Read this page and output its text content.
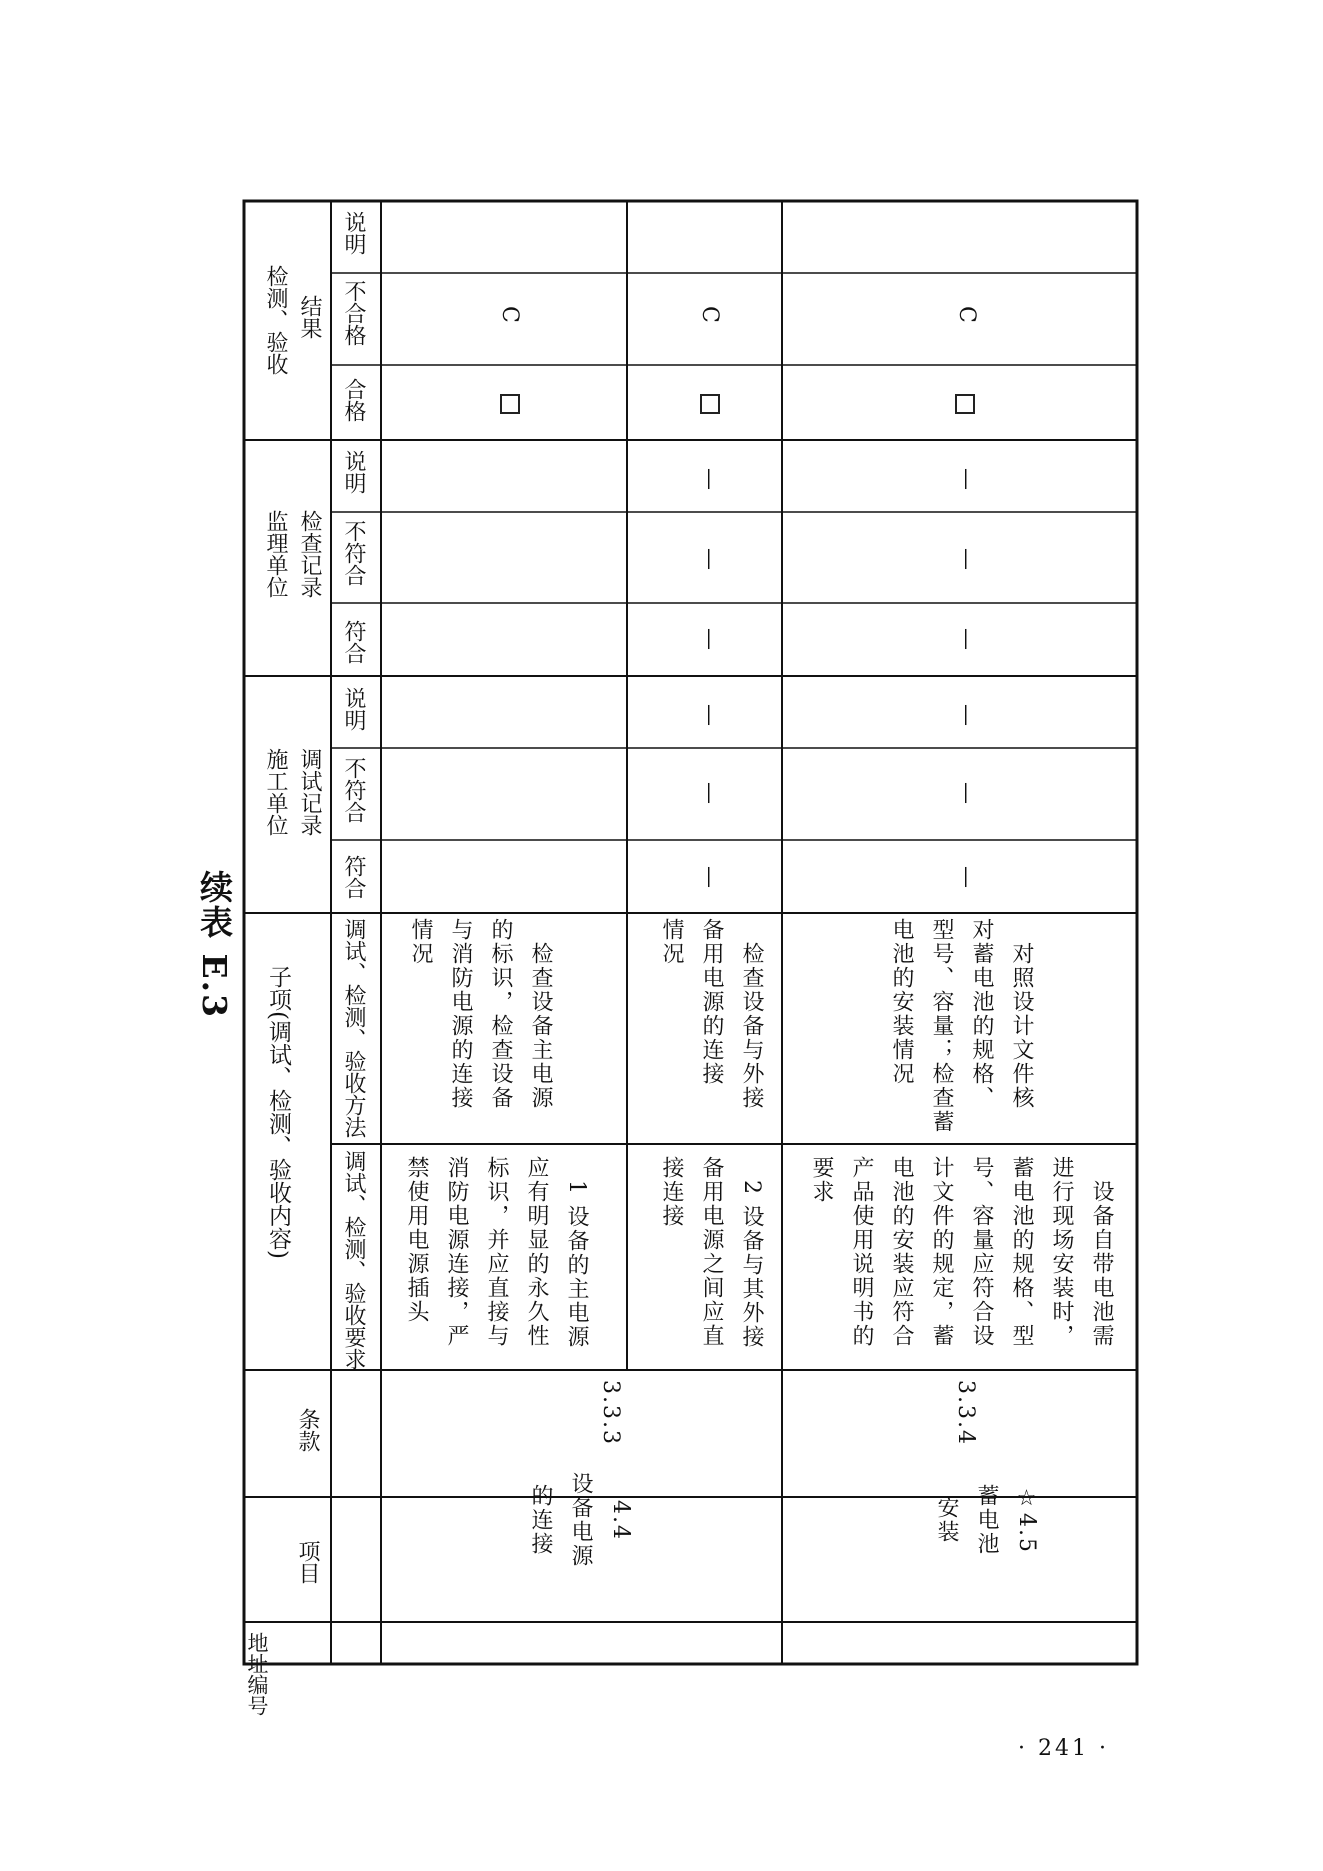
续表 E.3
地址编号
项目
条款
子项(调试、检测、验收内容)
调试、检测、验收要求
调试、检测、验收方法
施工单位 调试记录
符合
不符合
说明
监理单位 检查记录
符合
不符合
说明
检测、验收 结果
合格
不合格
说明
　1 设备的主电源
应有明显的永久性
标识，并应直接与
消防电源连接，严
禁使用电源插头
　检查设备主电源
的标识，检查设备
与消防电源的连接
情况
4.4
设备电源
的连接
3.3.3
C
　2 设备与其外接
备用电源之间应直
接连接
　检查设备与外接
备用电源的连接
情况
—
—
—
—
—
—
C
　设备自带电池需
进行现场安装时，
蓄电池的规格、型
号、容量应符合设
计文件的规定，蓄
电池的安装应符合
产品使用说明书的
要求
　对照设计文件核
对蓄电池的规格、
型号、容量；检查蓄
电池的安装情况
☆4.5
蓄电池
安装
3.3.4
—
—
—
—
—
—
C
· 241 ·
